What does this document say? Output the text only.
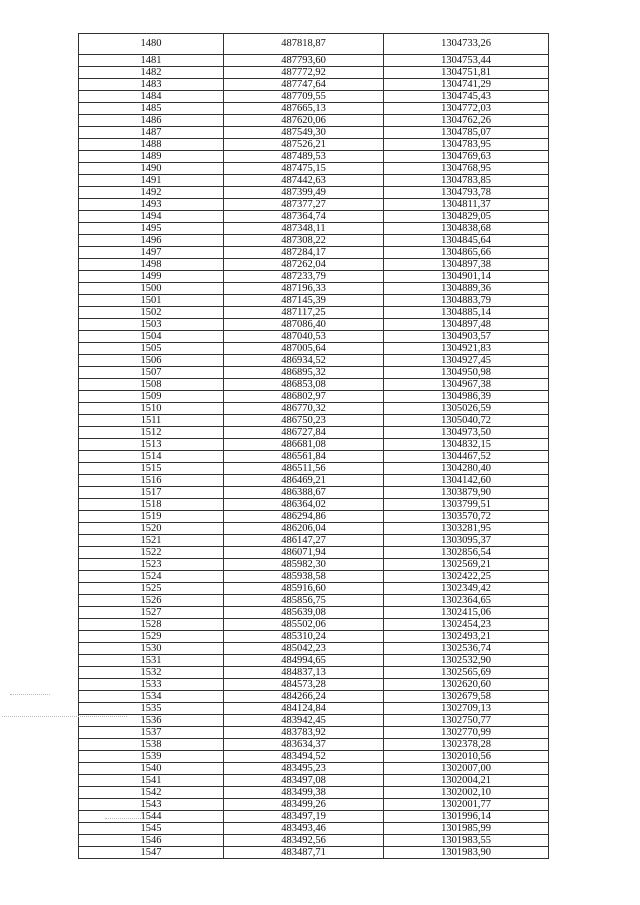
1480	487818,87	1304733,26
1481	487793,60	1304753,44
1482	487772,92	1304751,81
1483	487747,64	1304741,29
1484	487709,55	1304745,43
1485	487665,13	1304772,03
1486	487620,06	1304762,26
1487	487549,30	1304785,07
1488	487526,21	1304783,95
1489	487489,53	1304769,63
1490	487475,15	1304768,95
1491	487442,63	1304783,85
1492	487399,49	1304793,78
1493	487377,27	1304811,37
1494	487364,74	1304829,05
1495	487348,11	1304838,68
1496	487308,22	1304845,64
1497	487284,17	1304865,66
1498	487262,04	1304897,38
1499	487233,79	1304901,14
1500	487196,33	1304889,36
1501	487145,39	1304883,79
1502	487117,25	1304885,14
1503	487086,40	1304897,48
1504	487040,53	1304903,57
1505	487005,64	1304921,83
1506	486934,52	1304927,45
1507	486895,32	1304950,98
1508	486853,08	1304967,38
1509	486802,97	1304986,39
1510	486770,32	1305026,59
1511	486750,23	1305040,72
1512	486727,84	1304973,50
1513	486681,08	1304832,15
1514	486561,84	1304467,52
1515	486511,56	1304280,40
1516	486469,21	1304142,60
1517	486388,67	1303879,90
1518	486364,02	1303799,51
1519	486294,86	1303570,72
1520	486206,04	1303281,95
1521	486147,27	1303095,37
1522	486071,94	1302856,54
1523	485982,30	1302569,21
1524	485938,58	1302422,25
1525	485916,60	1302349,42
1526	485856,75	1302364,65
1527	485639,08	1302415,06
1528	485502,06	1302454,23
1529	485310,24	1302493,21
1530	485042,23	1302536,74
1531	484994,65	1302532,90
1532	484837,13	1302565,69
1533	484573,28	1302620,60
1534	484266,24	1302679,58
1535	484124,84	1302709,13
1536	483942,45	1302750,77
1537	483783,92	1302770,99
1538	483634,37	1302378,28
1539	483494,52	1302010,56
1540	483495,23	1302007,00
1541	483497,08	1302004,21
1542	483499,38	1302002,10
1543	483499,26	1302001,77
1544	483497,19	1301996,14
1545	483493,46	1301985,99
1546	483492,56	1301983,55
1547	483487,71	1301983,90
